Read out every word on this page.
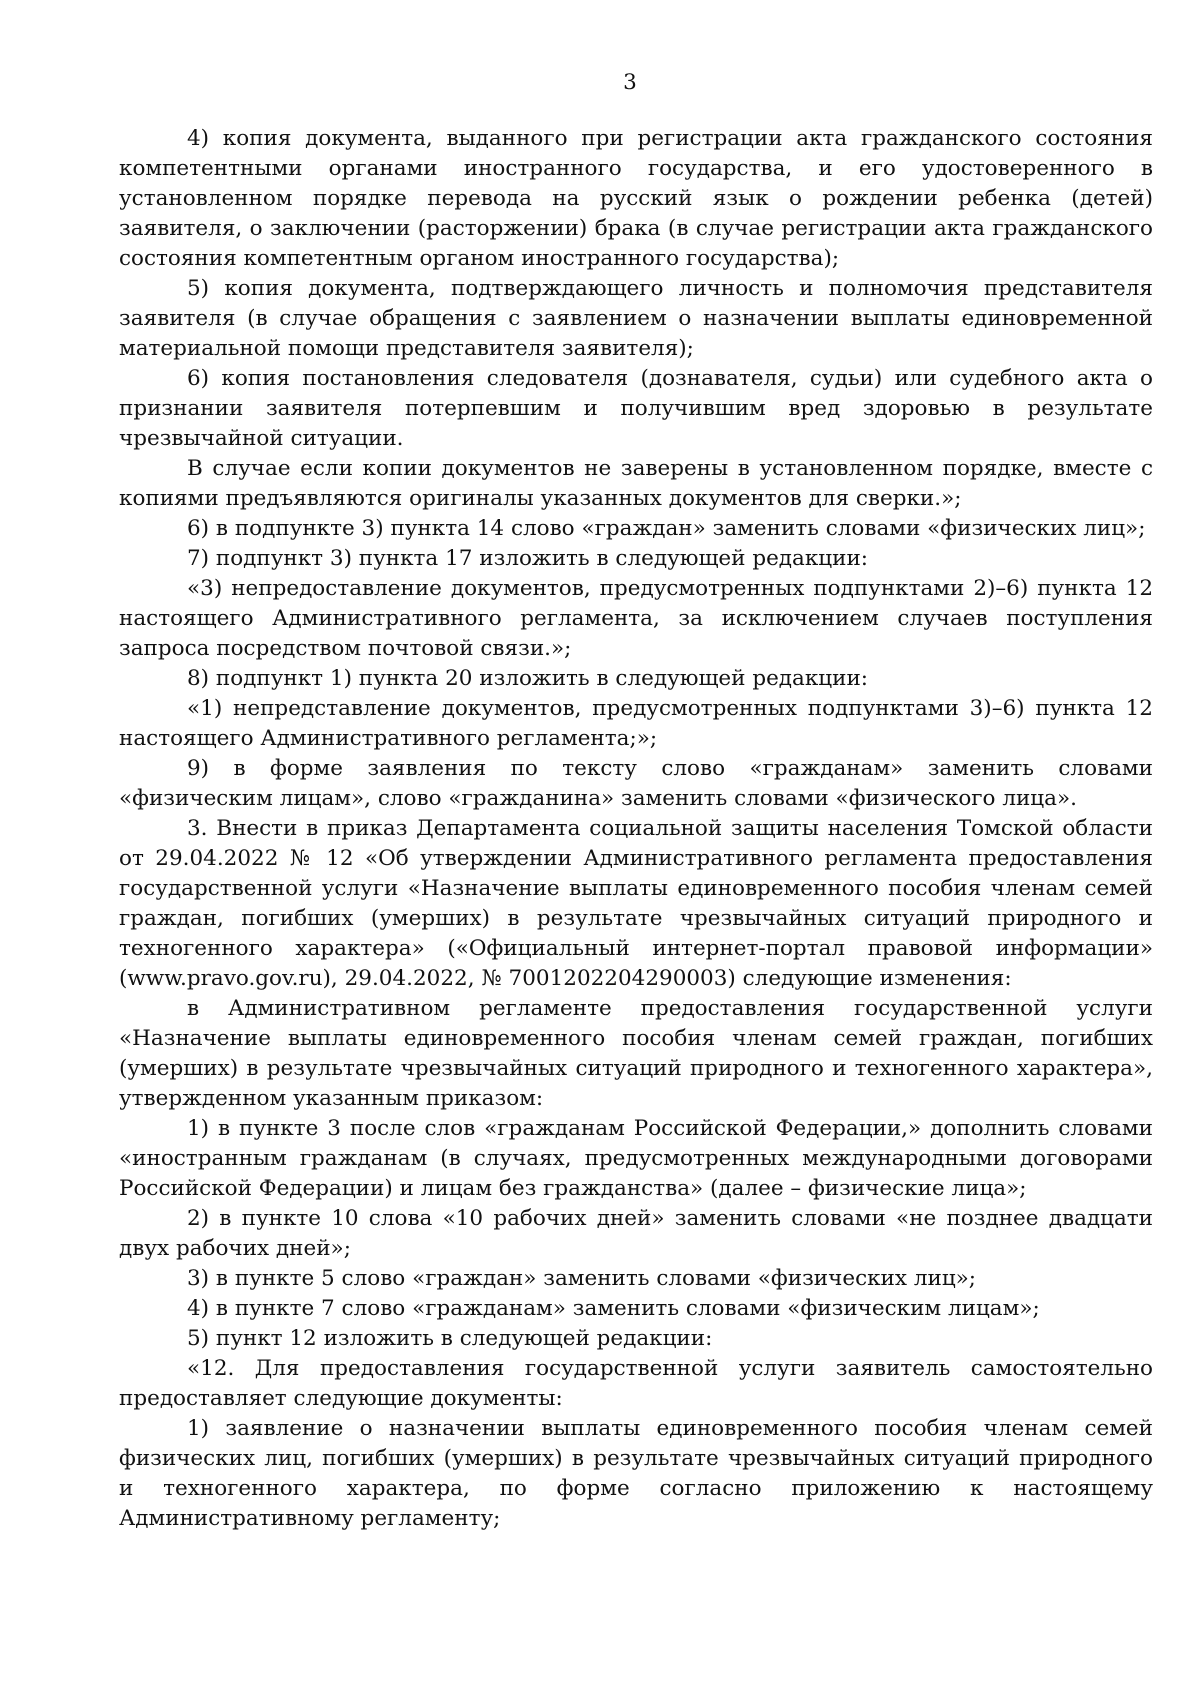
3

4) копия документа, выданного при регистрации акта гражданского состояния компетентными органами иностранного государства, и его удостоверенного в установленном порядке перевода на русский язык о рождении ребенка (детей) заявителя, о заключении (расторжении) брака (в случае регистрации акта гражданского состояния компетентным органом иностранного государства);

5) копия документа, подтверждающего личность и полномочия представителя заявителя (в случае обращения с заявлением о назначении выплаты единовременной материальной помощи представителя заявителя);

6) копия постановления следователя (дознавателя, судьи) или судебного акта о признании заявителя потерпевшим и получившим вред здоровью в результате чрезвычайной ситуации.

В случае если копии документов не заверены в установленном порядке, вместе с копиями предъявляются оригиналы указанных документов для сверки.»;

6) в подпункте 3) пункта 14 слово «граждан» заменить словами «физических лиц»;

7) подпункт 3) пункта 17 изложить в следующей редакции:

«3) непредоставление документов, предусмотренных подпунктами 2)–6) пункта 12 настоящего Административного регламента, за исключением случаев поступления запроса посредством почтовой связи.»;

8) подпункт 1) пункта 20 изложить в следующей редакции:

«1) непредставление документов, предусмотренных подпунктами 3)–6) пункта 12 настоящего Административного регламента;»;

9) в форме заявления по тексту слово «гражданам» заменить словами «физическим лицам», слово «гражданина» заменить словами «физического лица».

3. Внести в приказ Департамента социальной защиты населения Томской области от 29.04.2022 № 12 «Об утверждении Административного регламента предоставления государственной услуги «Назначение выплаты единовременного пособия членам семей граждан, погибших (умерших) в результате чрезвычайных ситуаций природного и техногенного характера» («Официальный интернет-портал правовой информации» (www.pravo.gov.ru), 29.04.2022, № 7001202204290003) следующие изменения:

в Административном регламенте предоставления государственной услуги «Назначение выплаты единовременного пособия членам семей граждан, погибших (умерших) в результате чрезвычайных ситуаций природного и техногенного характера», утвержденном указанным приказом:

1) в пункте 3 после слов «гражданам Российской Федерации,» дополнить словами «иностранным гражданам (в случаях, предусмотренных международными договорами Российской Федерации) и лицам без гражданства» (далее – физические лица»;

2) в пункте 10 слова «10 рабочих дней» заменить словами «не позднее двадцати двух рабочих дней»;

3) в пункте 5 слово «граждан» заменить словами «физических лиц»;

4) в пункте 7 слово «гражданам» заменить словами «физическим лицам»;

5) пункт 12 изложить в следующей редакции:

«12. Для предоставления государственной услуги заявитель самостоятельно предоставляет следующие документы:

1) заявление о назначении выплаты единовременного пособия членам семей физических лиц, погибших (умерших) в результате чрезвычайных ситуаций природного и техногенного характера, по форме согласно приложению к настоящему Административному регламенту;
